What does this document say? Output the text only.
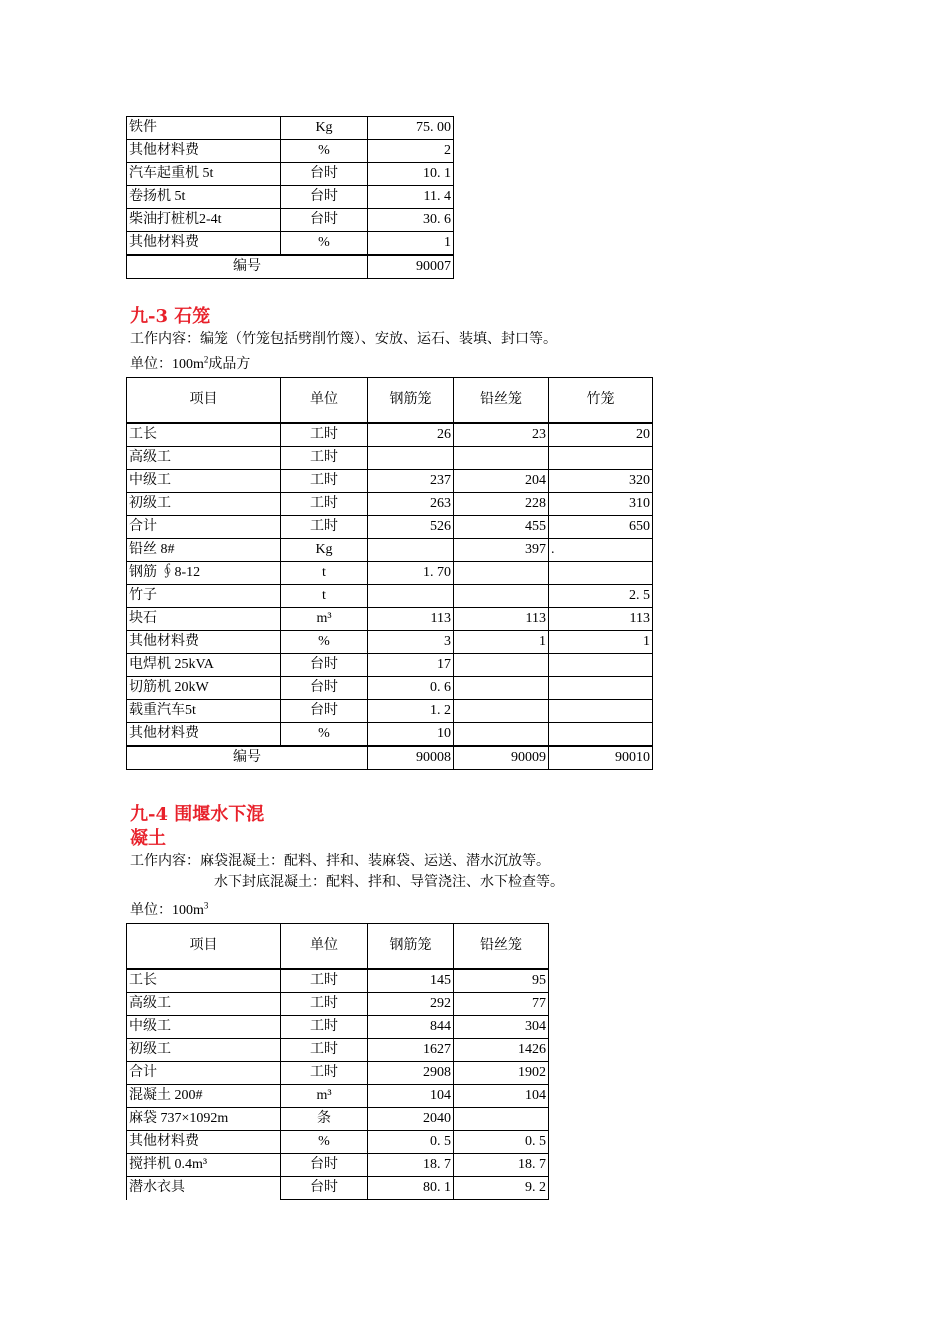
铁件	Kg	75. 00
其他材料费	%	2
汽车起重机 5t	台时	10. 1
卷扬机 5t	台时	11. 4
柴油打桩机2-4t	台时	30. 6
其他材料费	%	1
编号		90007
九-3 石笼
工作内容：编笼（竹笼包括劈削竹篾）、安放、运石、装填、封口等。
单位：$100m^2$成品方
项目	单位	钢筋笼	铅丝笼	竹笼
工长	工时	26	23	20
高级工	工时			
中级工	工时	237	204	320
初级工	工时	263	228	310
合计	工时	526	455	650
铅丝 8#	Kg		397	.
钢筋 ∮8-12	t	1. 70		
竹子	t			2. 5
块石	m³	113	113	113
其他材料费	%	3	1	1
电焊机 25kVA	台时	17		
切筋机 20kW	台时	0. 6		
载重汽车5t	台时	1. 2		
其他材料费	%	10		
编号		90008	90009	90010
九-4 围堰水下混
凝土
工作内容：麻袋混凝土：配料、拌和、装麻袋、运送、潜水沉放等。
水下封底混凝土：配料、拌和、导管浇注、水下检查等。
单位：$100m^3$
项目	单位	钢筋笼	铅丝笼
工长	工时	145	95
高级工	工时	292	77
中级工	工时	844	304
初级工	工时	1627	1426
合计	工时	2908	1902
混凝土 200#	m³	104	104
麻袋 737×1092m	条	2040	
其他材料费	%	0. 5	0. 5
搅拌机 0.4m³	台时	18. 7	18. 7
潜水衣具	台时	80. 1	9. 2
